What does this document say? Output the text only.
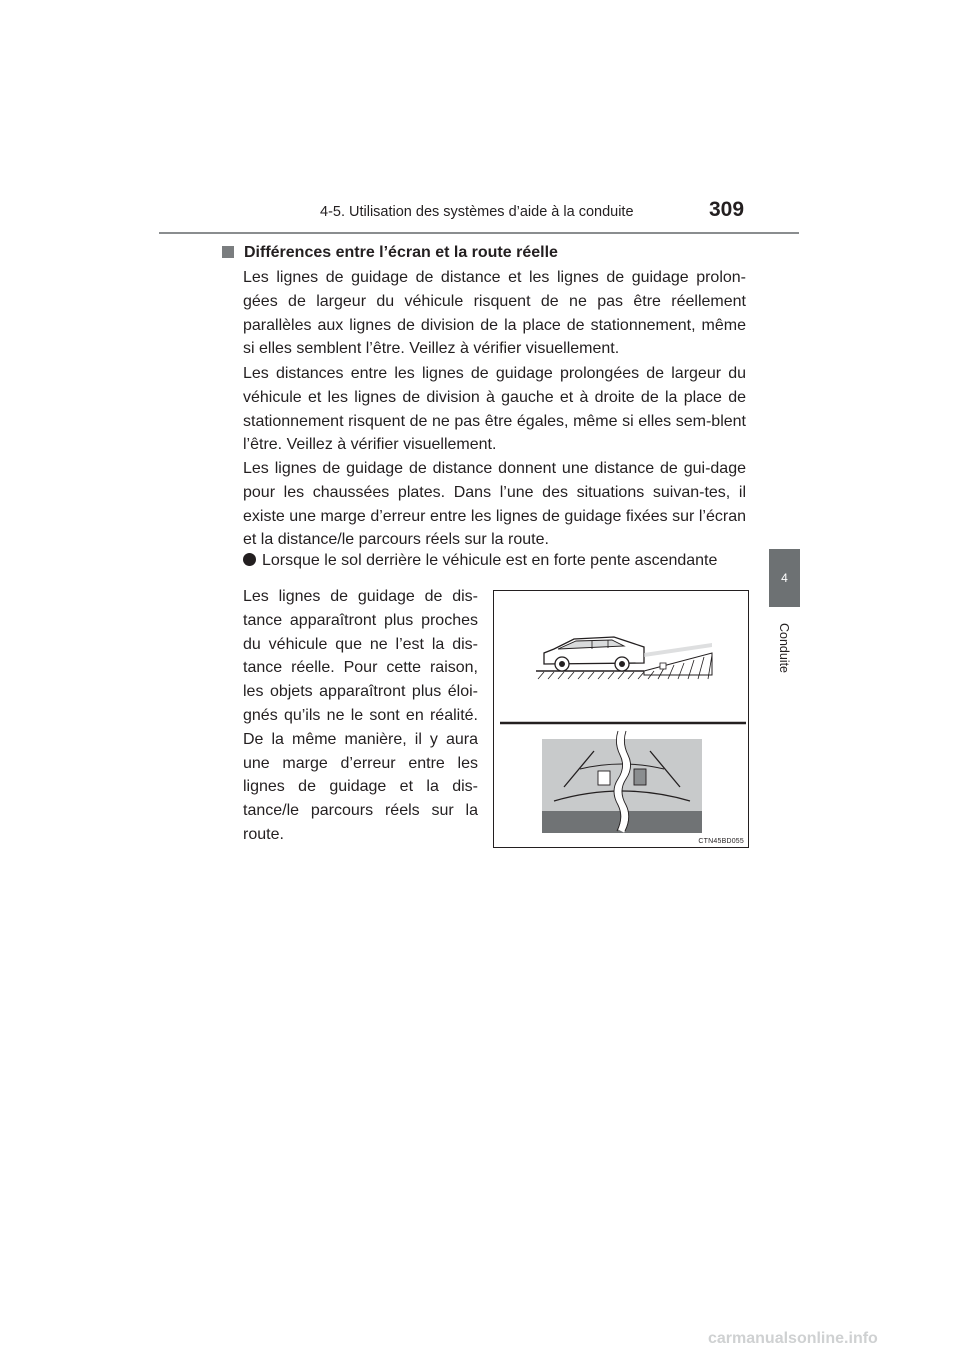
4-5. Utilisation des systèmes d’aide à la conduite	309
4
Conduite
Différences entre l’écran et la route réelle

Les lignes de guidage de distance et les lignes de guidage prolon-gées de largeur du véhicule risquent de ne pas être réellement parallèles aux lignes de division de la place de stationnement, même si elles semblent l’être. Veillez à vérifier visuellement.

Les distances entre les lignes de guidage prolongées de largeur du véhicule et les lignes de division à gauche et à droite de la place de stationnement risquent de ne pas être égales, même si elles sem-blent l’être. Veillez à vérifier visuellement.

Les lignes de guidage de distance donnent une distance de gui-dage pour les chaussées plates. Dans l’une des situations suivan-tes, il existe une marge d’erreur entre les lignes de guidage fixées sur l’écran et la distance/le parcours réels sur la route.

Lorsque le sol derrière le véhicule est en forte pente ascendante

Les lignes de guidage de dis-tance apparaîtront plus proches du véhicule que ne l’est la dis-tance réelle. Pour cette raison, les objets apparaîtront plus éloi-gnés qu’ils ne le sont en réalité. De la même manière, il y aura une marge d’erreur entre les lignes de guidage et la dis-tance/le parcours réels sur la route.	CTN45BD055
carmanualsonline.info
